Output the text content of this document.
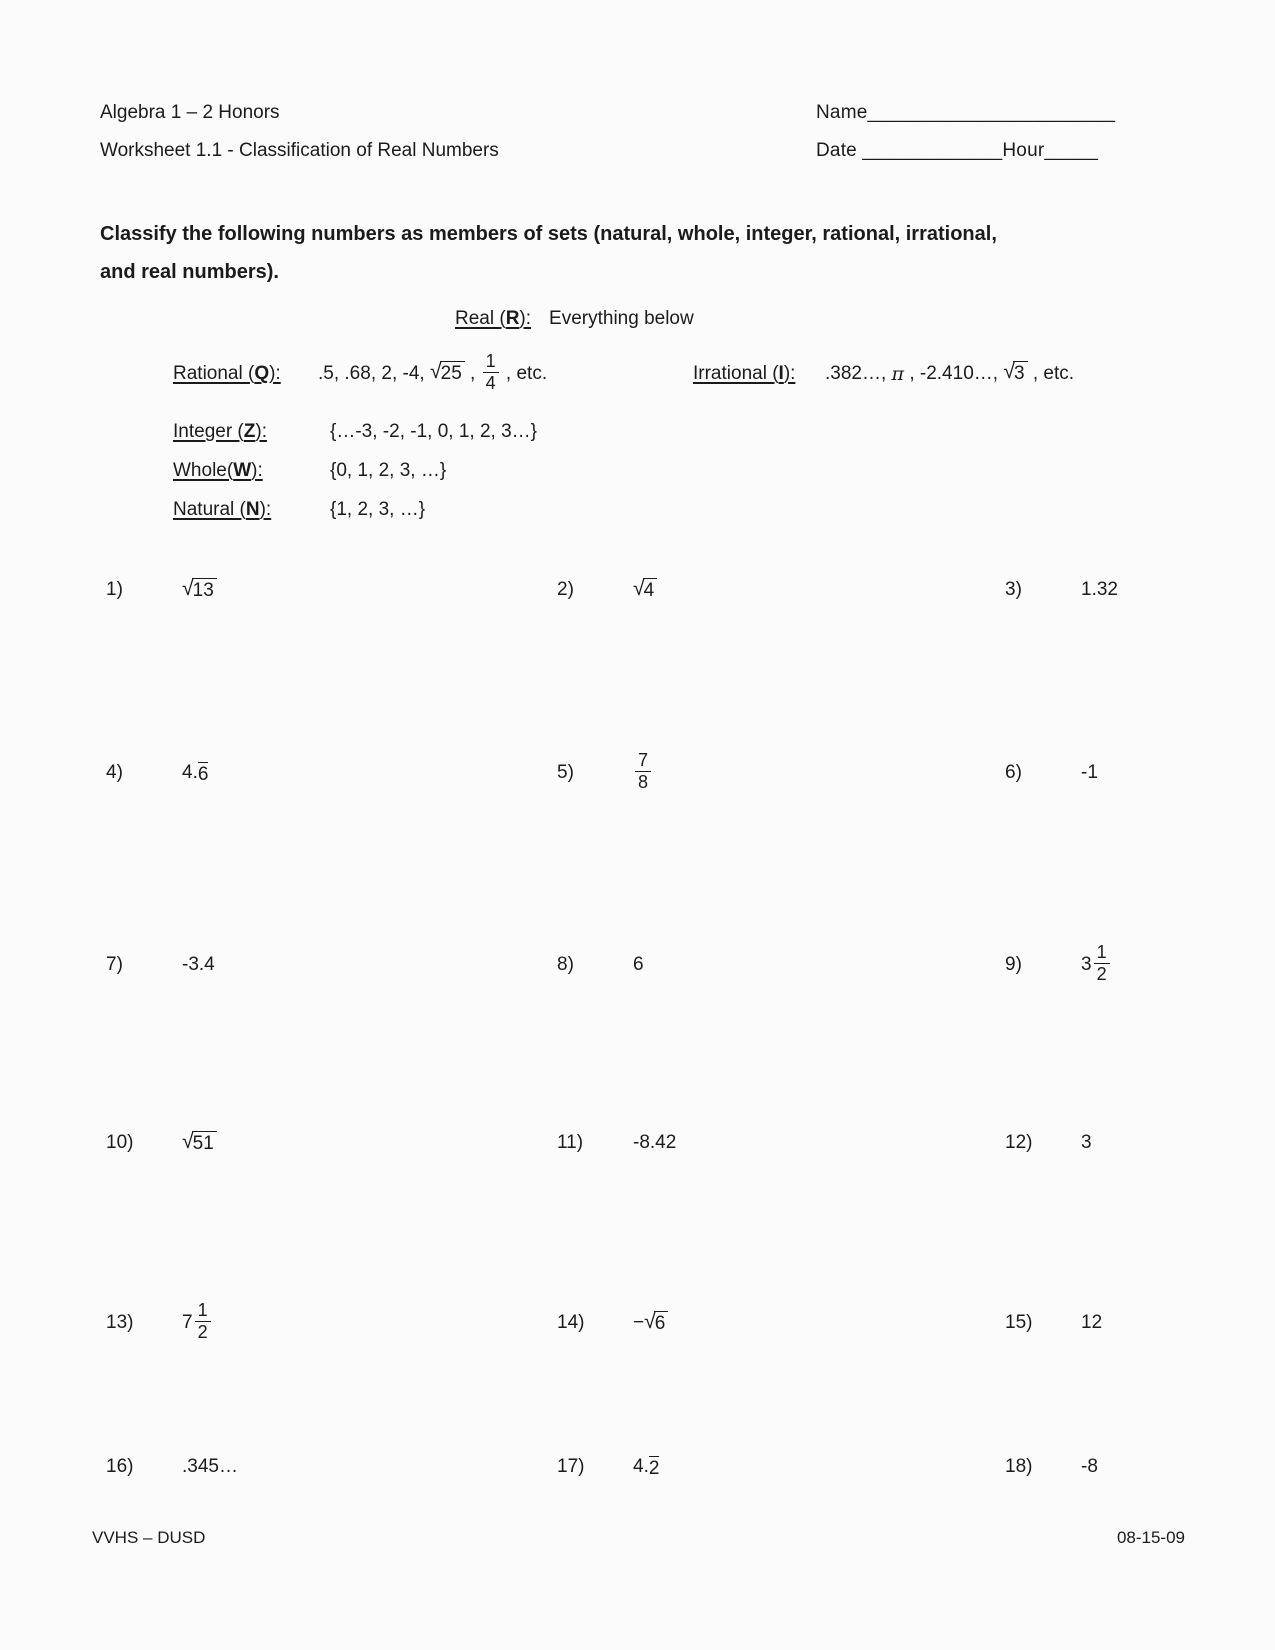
Algebra 1 – 2 Honors
Worksheet 1.1 - Classification of Real Numbers
Name_______________________
Date _____________Hour_____
Classify the following numbers as members of sets (natural, whole, integer, rational, irrational,
and real numbers).
Real (R): Everything below
Rational (Q):	.5, .68, 2, -4, √25 , $\frac{1}{4}$ , etc.	Irrational (I):	.382…, π , -2.410…, √3 , etc.
Integer (Z):	{…-3, -2, -1, 0, 1, 2, 3…}
Whole(W):	{0, 1, 2, 3, …}
Natural (N):	{1, 2, 3, …}
1)	√13	2)	√4	3)	1.32
4)	4. 6	5)	$\frac{7}{8}$	6)	-1
7)	-3.4	8)	6	9)	$3 \frac{1}{2}$
10)	√51	11)	-8.42	12)	3
13)	$7 \frac{1}{2}$	14)	− √6	15)	12
16)	.345…	17)	4. 2	18)	-8
VVHS – DUSD	08-15-09
